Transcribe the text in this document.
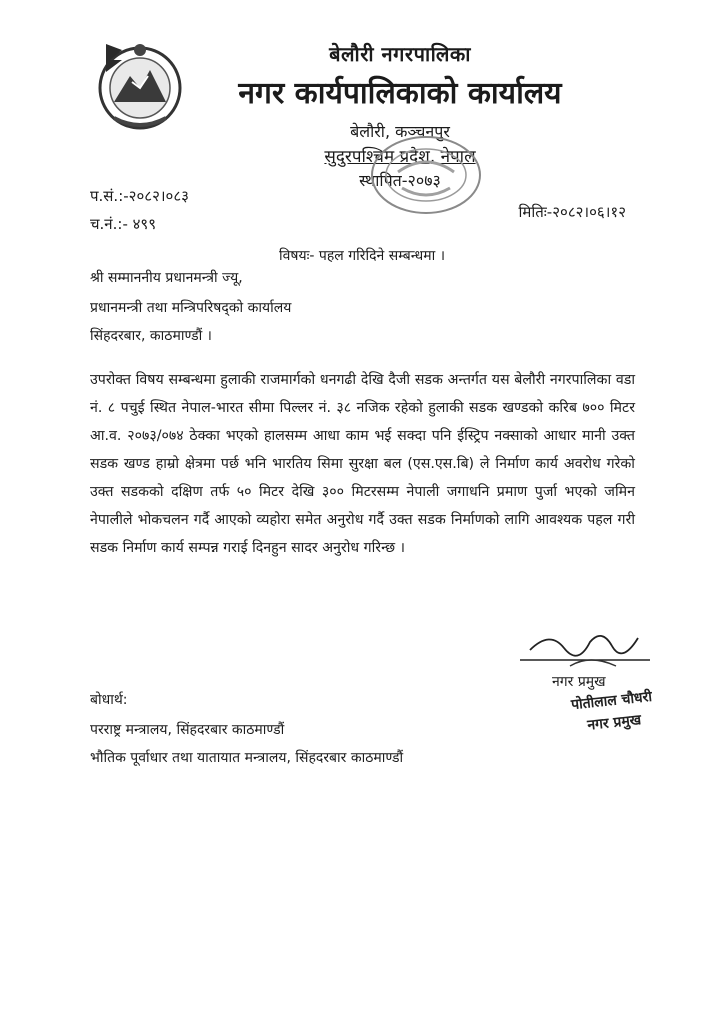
बेलौरी नगरपालिका
नगर कार्यपालिकाको कार्यालय
बेलौरी, कञ्चनपुर
सुदुरपश्चिम प्रदेश, नेपाल
स्थापित-२०७३
प.सं.:-२०८२।०८३
च.नं.:- ४९९
मितिः-२०८२।०६।१२
विषयः- पहल गरिदिने सम्बन्धमा ।
श्री सम्माननीय प्रधानमन्त्री ज्यू,
प्रधानमन्त्री तथा मन्त्रिपरिषद्को कार्यालय
सिंहदरबार, काठमाण्डौं ।
उपरोक्त विषय सम्बन्धमा हुलाकी राजमार्गको धनगढी देखि दैजी सडक अन्तर्गत यस बेलौरी नगरपालिका वडा नं. ८ पचुई स्थित नेपाल-भारत सीमा पिल्लर नं. ३८ नजिक रहेको हुलाकी सडक खण्डको करिब ७०० मिटर आ.व. २०७३/०७४ ठेक्का भएको हालसम्म आधा काम भई सक्दा पनि ईस्ट्रिप नक्साको आधार मानी उक्त सडक खण्ड हाम्रो क्षेत्रमा पर्छ भनि भारतिय सिमा सुरक्षा बल (एस.एस.बि) ले निर्माण कार्य अवरोध गरेको उक्त सडकको दक्षिण तर्फ ५० मिटर देखि ३०० मिटरसम्म नेपाली जगाधनि प्रमाण पुर्जा भएको जमिन नेपालीले भोकचलन गर्दै आएको व्यहोरा समेत अनुरोध गर्दै उक्त सडक निर्माणको लागि आवश्यक पहल गरी सडक निर्माण कार्य सम्पन्न गराई दिनहुन सादर अनुरोध गरिन्छ ।
नगर प्रमुख
पोतीलाल चौधरी
नगर प्रमुख
बोधार्थ:
परराष्ट्र मन्त्रालय, सिंहदरबार काठमाण्डौं
भौतिक पूर्वाधार तथा यातायात मन्त्रालय, सिंहदरबार काठमाण्डौं
